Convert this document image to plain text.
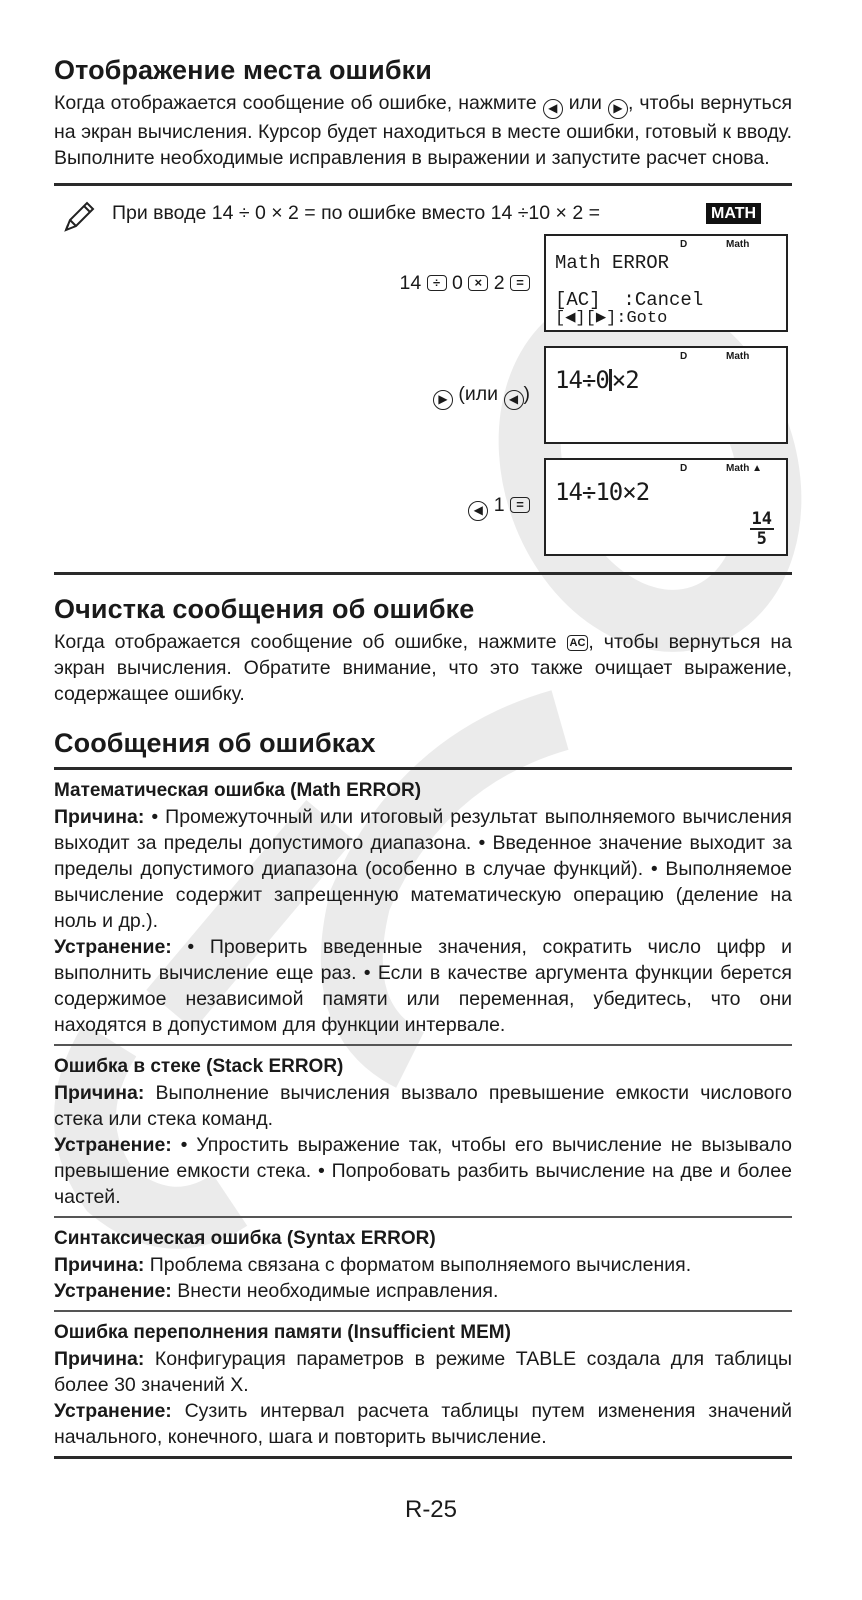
Отображение места ошибки

Когда отображается сообщение об ошибке, нажмите ◀ или ▶ , чтобы вернуться на экран вычисления. Курсор будет находиться в месте ошибки, готовый к вводу. Выполните необходимые исправления в выражении и запустите расчет снова.

При вводе 14 ÷ 0 × 2 = по ошибке вместо 14 ÷10 × 2 =	MATH
14 ÷ 0 × 2 =
D	Math
Math ERROR
[AC]  :Cancel
[◀][▶]:Goto
▶ (или ◀ )
D	Math
14÷0 ×2
◀ 1 =
D	Math ▲
14÷10×2
$\frac{14}{5}$
Очистка сообщения об ошибке

Когда отображается сообщение об ошибке, нажмите AC , чтобы вернуться на экран вычисления. Обратите внимание, что это также очищает выражение, содержащее ошибку.

Сообщения об ошибках
Математическая ошибка (Math ERROR)

Причина: • Промежуточный или итоговый результат выполняемого вычисления выходит за пределы допустимого диапазона. • Введенное значение выходит за пределы допустимого диапазона (особенно в случае функций). • Выполняемое вычисление содержит запрещенную математическую операцию (деление на ноль и др.).

Устранение: • Проверить введенные значения, сократить число цифр и выполнить вычисление еще раз. • Если в качестве аргумента функции берется содержимое независимой памяти или переменная, убедитесь, что они находятся в допустимом для функции интервале.

Ошибка в стеке (Stack ERROR)

Причина: Выполнение вычисления вызвало превышение емкости числового стека или стека команд.

Устранение: • Упростить выражение так, чтобы его вычисление не вызывало превышение емкости стека. • Попробовать разбить вычисление на две и более частей.

Синтаксическая ошибка (Syntax ERROR)

Причина: Проблема связана с форматом выполняемого вычисления.

Устранение: Внести необходимые исправления.

Ошибка переполнения памяти (Insufficient MEM)

Причина: Конфигурация параметров в режиме TABLE создала для таблицы более 30 значений X.

Устранение: Сузить интервал расчета таблицы путем изменения значений начального, конечного, шага и повторить вычисление.

R-25
